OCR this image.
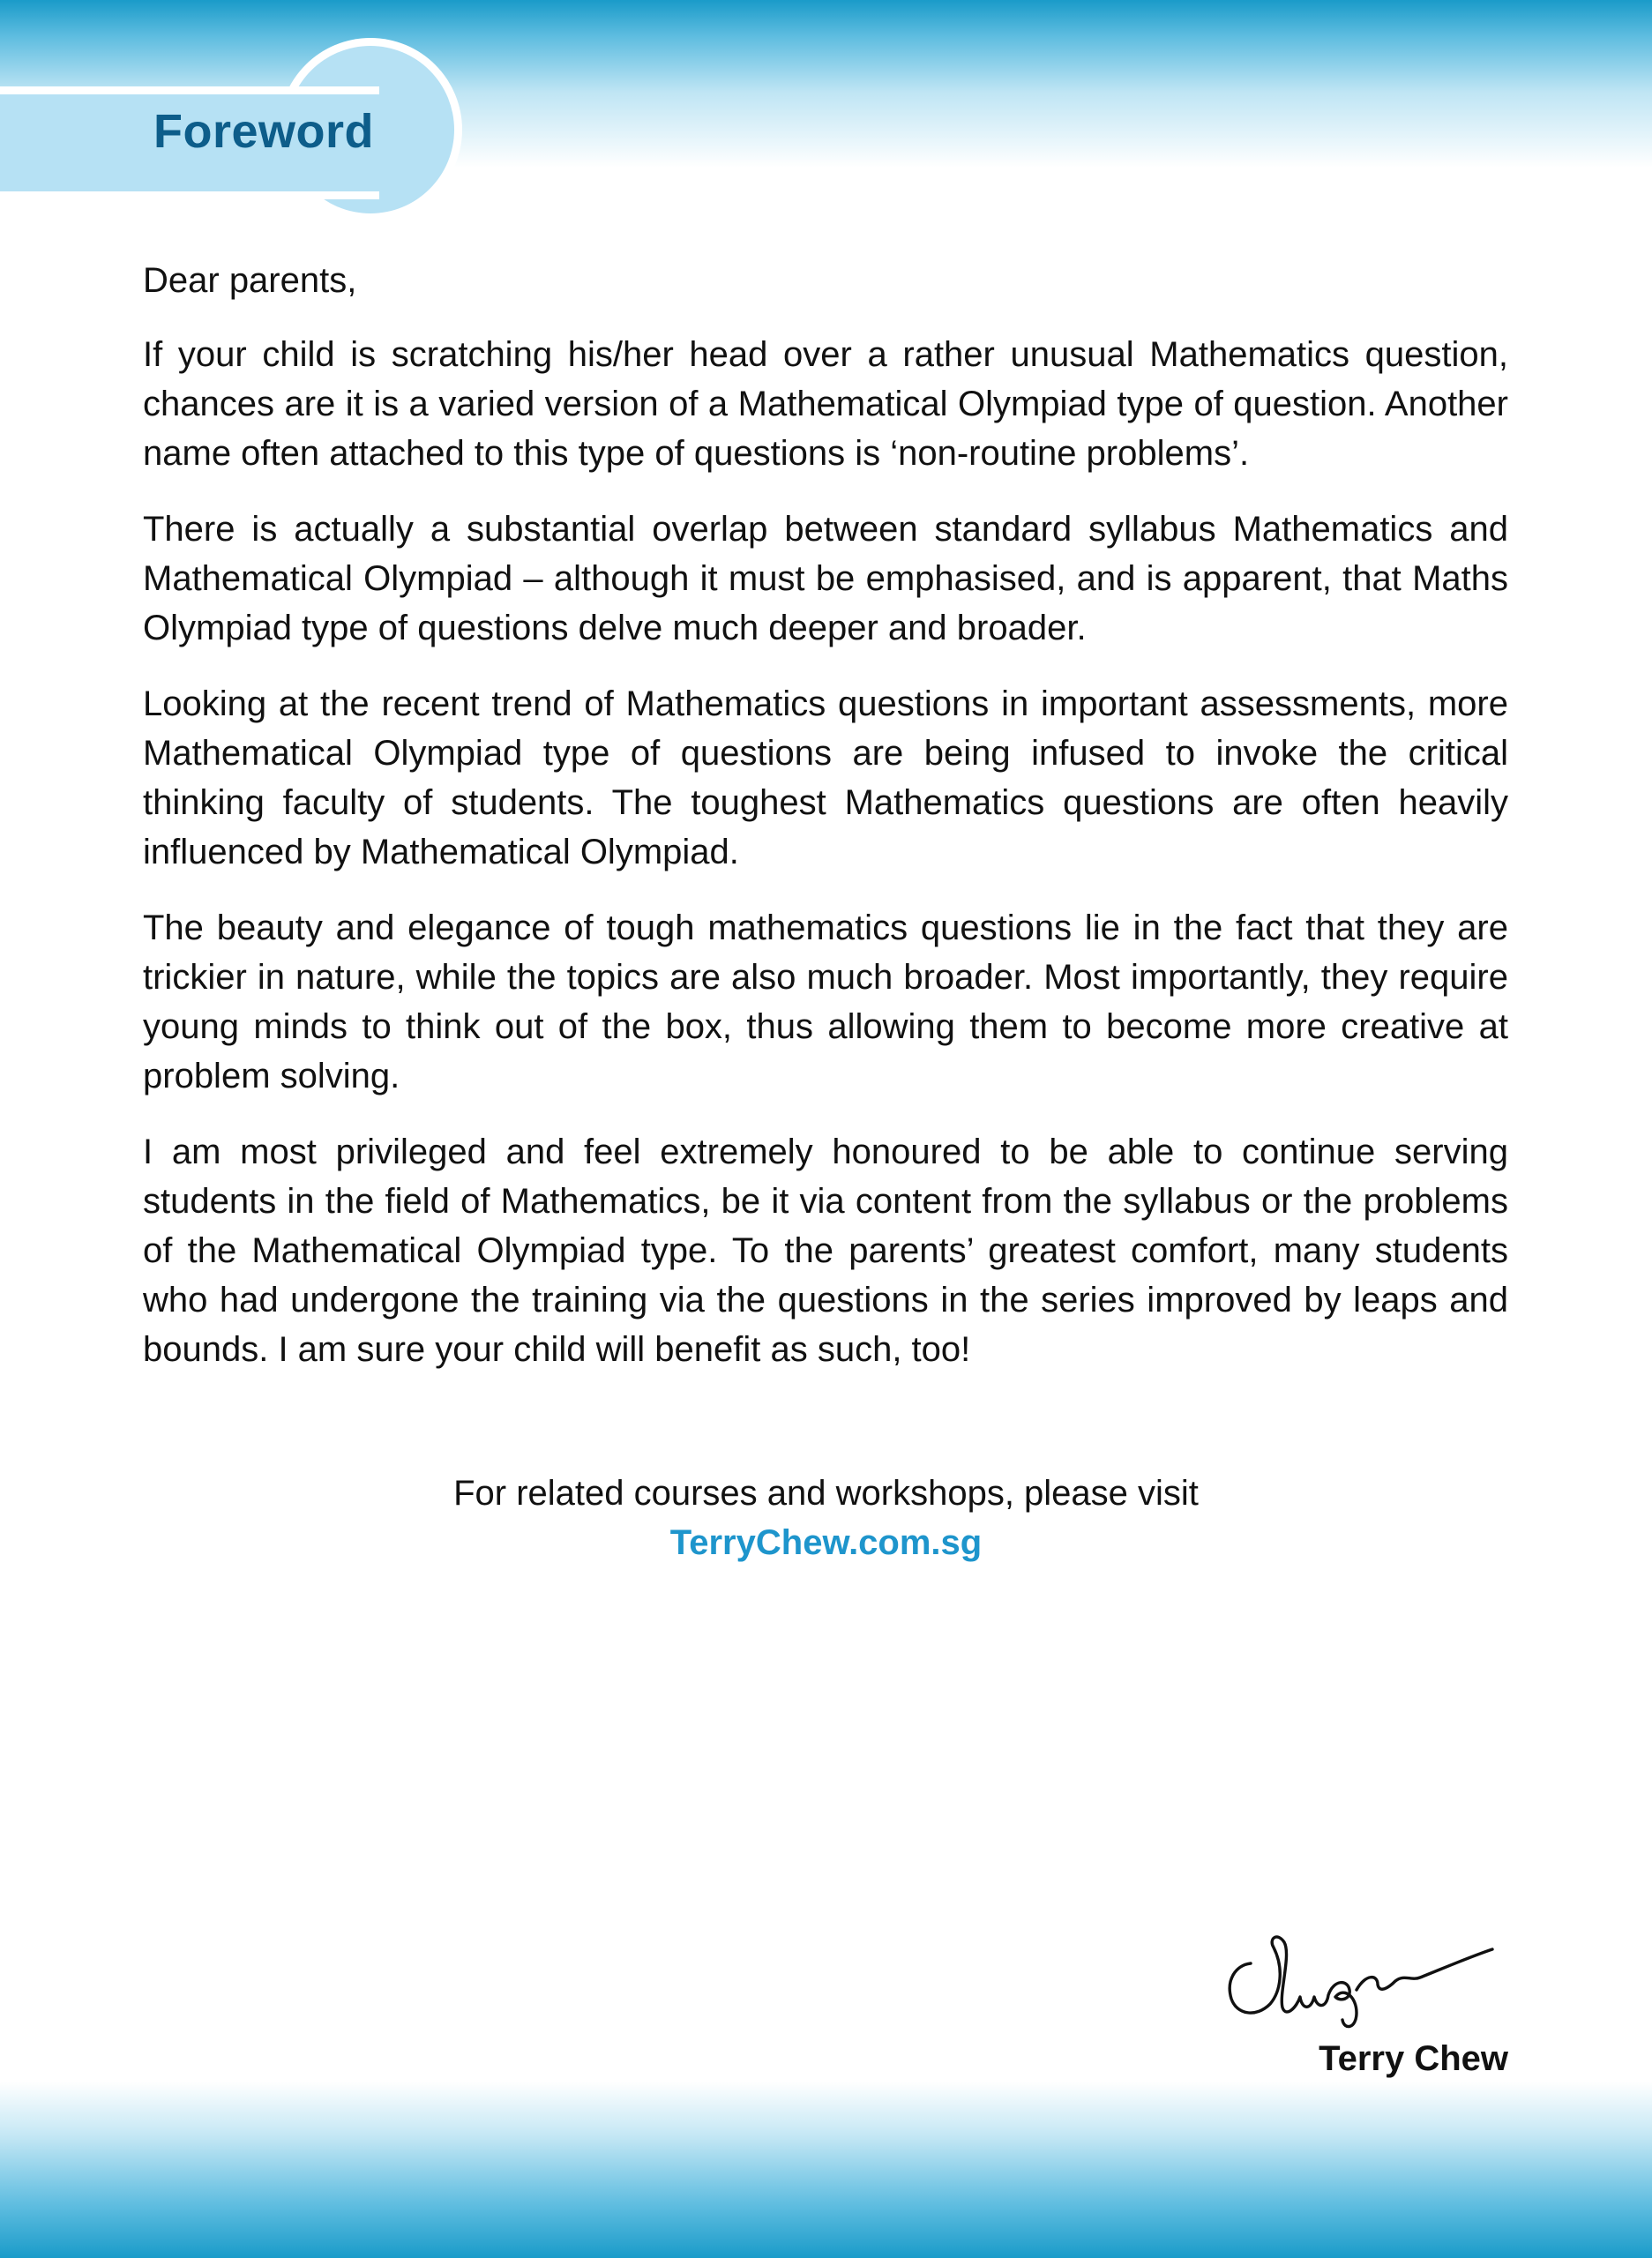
Foreword

Dear parents,

If your child is scratching his/her head over a rather unusual Mathematics question, chances are it is a varied version of a Mathematical Olympiad type of question. Another name often attached to this type of questions is ‘non-routine problems’.

There is actually a substantial overlap between standard syllabus Mathematics and Mathematical Olympiad – although it must be emphasised, and is apparent, that Maths Olympiad type of questions delve much deeper and broader.

Looking at the recent trend of Mathematics questions in important assessments, more Mathematical Olympiad type of questions are being infused to invoke the critical thinking faculty of students. The toughest Mathematics questions are often heavily influenced by Mathematical Olympiad.

The beauty and elegance of tough mathematics questions lie in the fact that they are trickier in nature, while the topics are also much broader. Most importantly, they require young minds to think out of the box, thus allowing them to become more creative at problem solving.

I am most privileged and feel extremely honoured to be able to continue serving students in the field of Mathematics, be it via content from the syllabus or the problems of the Mathematical Olympiad type. To the parents’ greatest comfort, many students who had undergone the training via the questions in the series improved by leaps and bounds. I am sure your child will benefit as such, too!

For related courses and workshops, please visit
TerryChew.com.sg
Terry Chew
